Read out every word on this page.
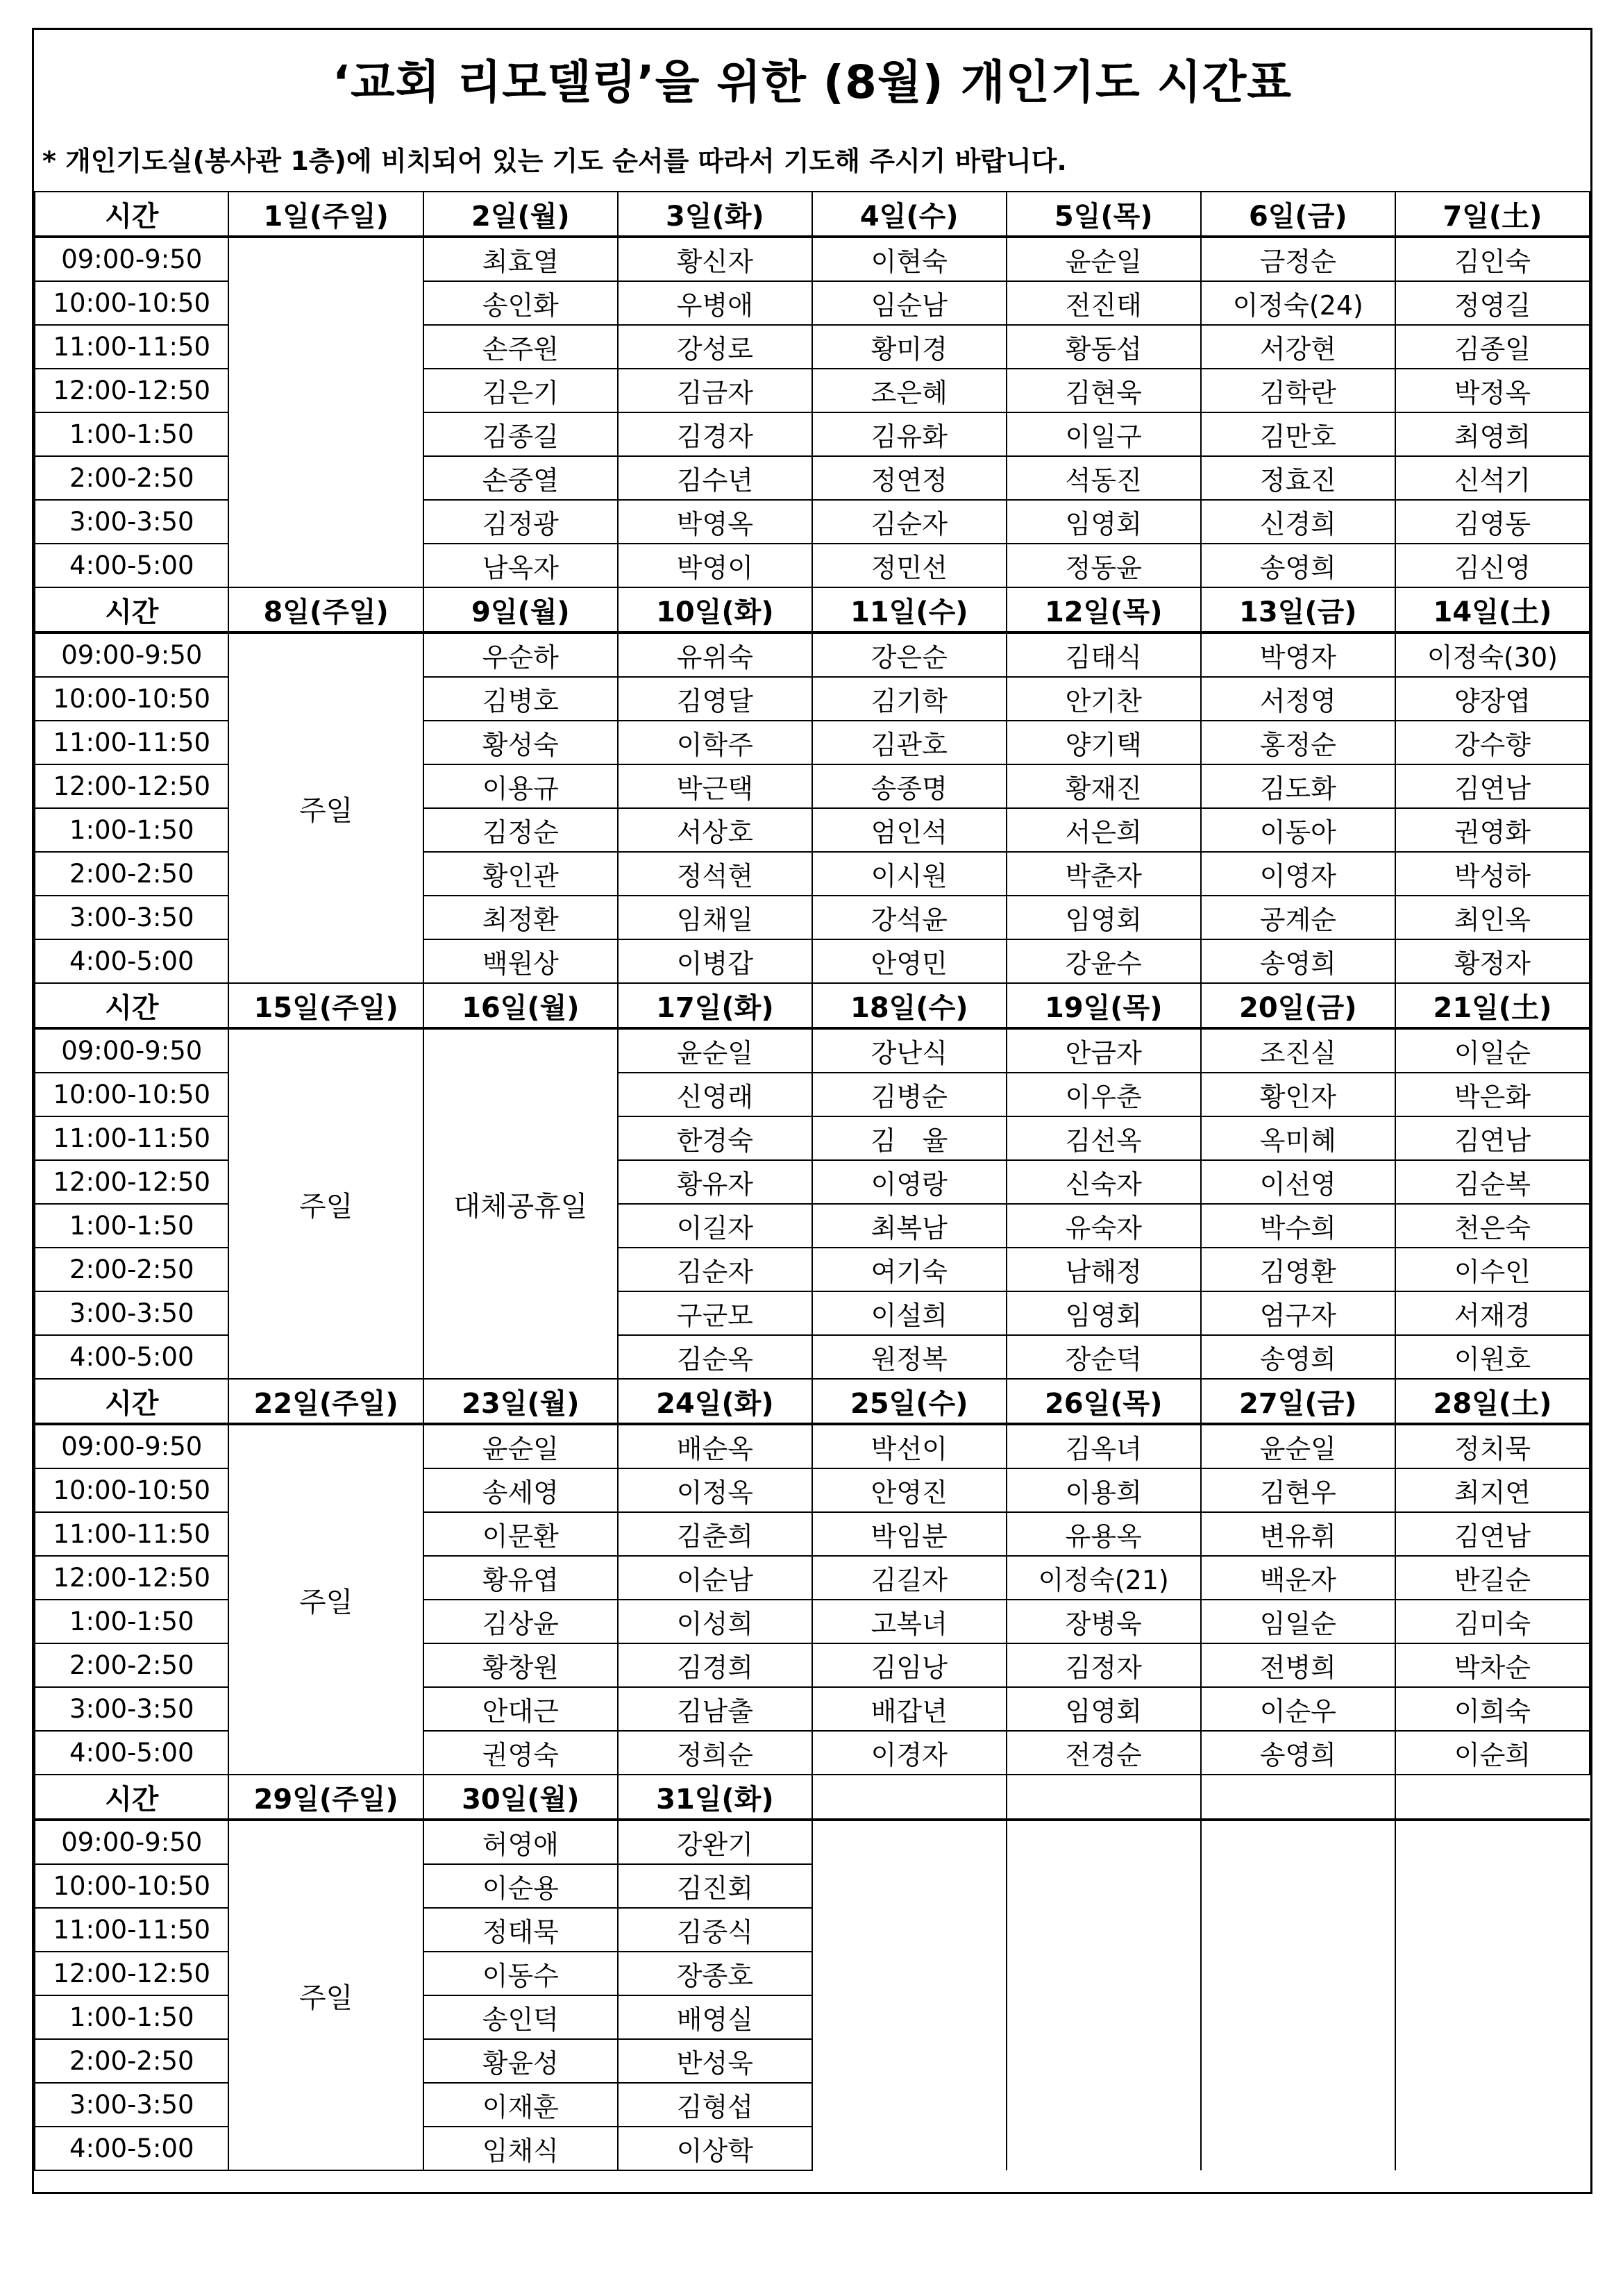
‘교회 리모델링’을 위한 (8월) 개인기도 시간표
* 개인기도실(봉사관 1층)에 비치되어 있는 기도 순서를 따라서 기도해 주시기 바랍니다.
시간	1일(주일)	2일(월)	3일(화)	4일(수)	5일(목)	6일(금)	7일(土)
09:00-9:50		최효열	황신자	이현숙	윤순일	금정순	김인숙
10:00-10:50		송인화	우병애	임순남	전진태	이정숙(24)	정영길
11:00-11:50		손주원	강성로	황미경	황동섭	서강현	김종일
12:00-12:50		김은기	김금자	조은혜	김현욱	김학란	박정옥
1:00-1:50		김종길	김경자	김유화	이일구	김만호	최영희
2:00-2:50		손중열	김수년	정연정	석동진	정효진	신석기
3:00-3:50		김정광	박영옥	김순자	임영회	신경희	김영동
4:00-5:00		남옥자	박영이	정민선	정동윤	송영희	김신영
시간	8일(주일)	9일(월)	10일(화)	11일(수)	12일(목)	13일(금)	14일(土)
09:00-9:50	주일	우순하	유위숙	강은순	김태식	박영자	이정숙(30)
10:00-10:50		김병호	김영달	김기학	안기찬	서정영	양장엽
11:00-11:50		황성숙	이학주	김관호	양기택	홍정순	강수향
12:00-12:50		이용규	박근택	송종명	황재진	김도화	김연남
1:00-1:50		김정순	서상호	엄인석	서은희	이동아	권영화
2:00-2:50		황인관	정석현	이시원	박춘자	이영자	박성하
3:00-3:50		최정환	임채일	강석윤	임영회	공계순	최인옥
4:00-5:00		백원상	이병갑	안영민	강윤수	송영희	황정자
시간	15일(주일)	16일(월)	17일(화)	18일(수)	19일(목)	20일(금)	21일(土)
09:00-9:50	주일	대체공휴일	윤순일	강난식	안금자	조진실	이일순
10:00-10:50			신영래	김병순	이우춘	황인자	박은화
11:00-11:50			한경숙	김　율	김선옥	옥미혜	김연남
12:00-12:50			황유자	이영랑	신숙자	이선영	김순복
1:00-1:50			이길자	최복남	유숙자	박수희	천은숙
2:00-2:50			김순자	여기숙	남해정	김영환	이수인
3:00-3:50			구군모	이설희	임영회	엄구자	서재경
4:00-5:00			김순옥	원정복	장순덕	송영희	이원호
시간	22일(주일)	23일(월)	24일(화)	25일(수)	26일(목)	27일(금)	28일(土)
09:00-9:50	주일	윤순일	배순옥	박선이	김옥녀	윤순일	정치묵
10:00-10:50		송세영	이정옥	안영진	이용희	김현우	최지연
11:00-11:50		이문환	김춘희	박임분	유용옥	변유휘	김연남
12:00-12:50		황유엽	이순남	김길자	이정숙(21)	백운자	반길순
1:00-1:50		김상윤	이성희	고복녀	장병욱	임일순	김미숙
2:00-2:50		황창원	김경희	김임낭	김정자	전병희	박차순
3:00-3:50		안대근	김남출	배갑년	임영회	이순우	이희숙
4:00-5:00		권영숙	정희순	이경자	전경순	송영희	이순희
시간	29일(주일)	30일(월)	31일(화)				
09:00-9:50	주일	허영애	강완기				
10:00-10:50		이순용	김진회				
11:00-11:50		정태묵	김중식				
12:00-12:50		이동수	장종호				
1:00-1:50		송인덕	배영실				
2:00-2:50		황윤성	반성욱				
3:00-3:50		이재훈	김형섭				
4:00-5:00		임채식	이상학				
